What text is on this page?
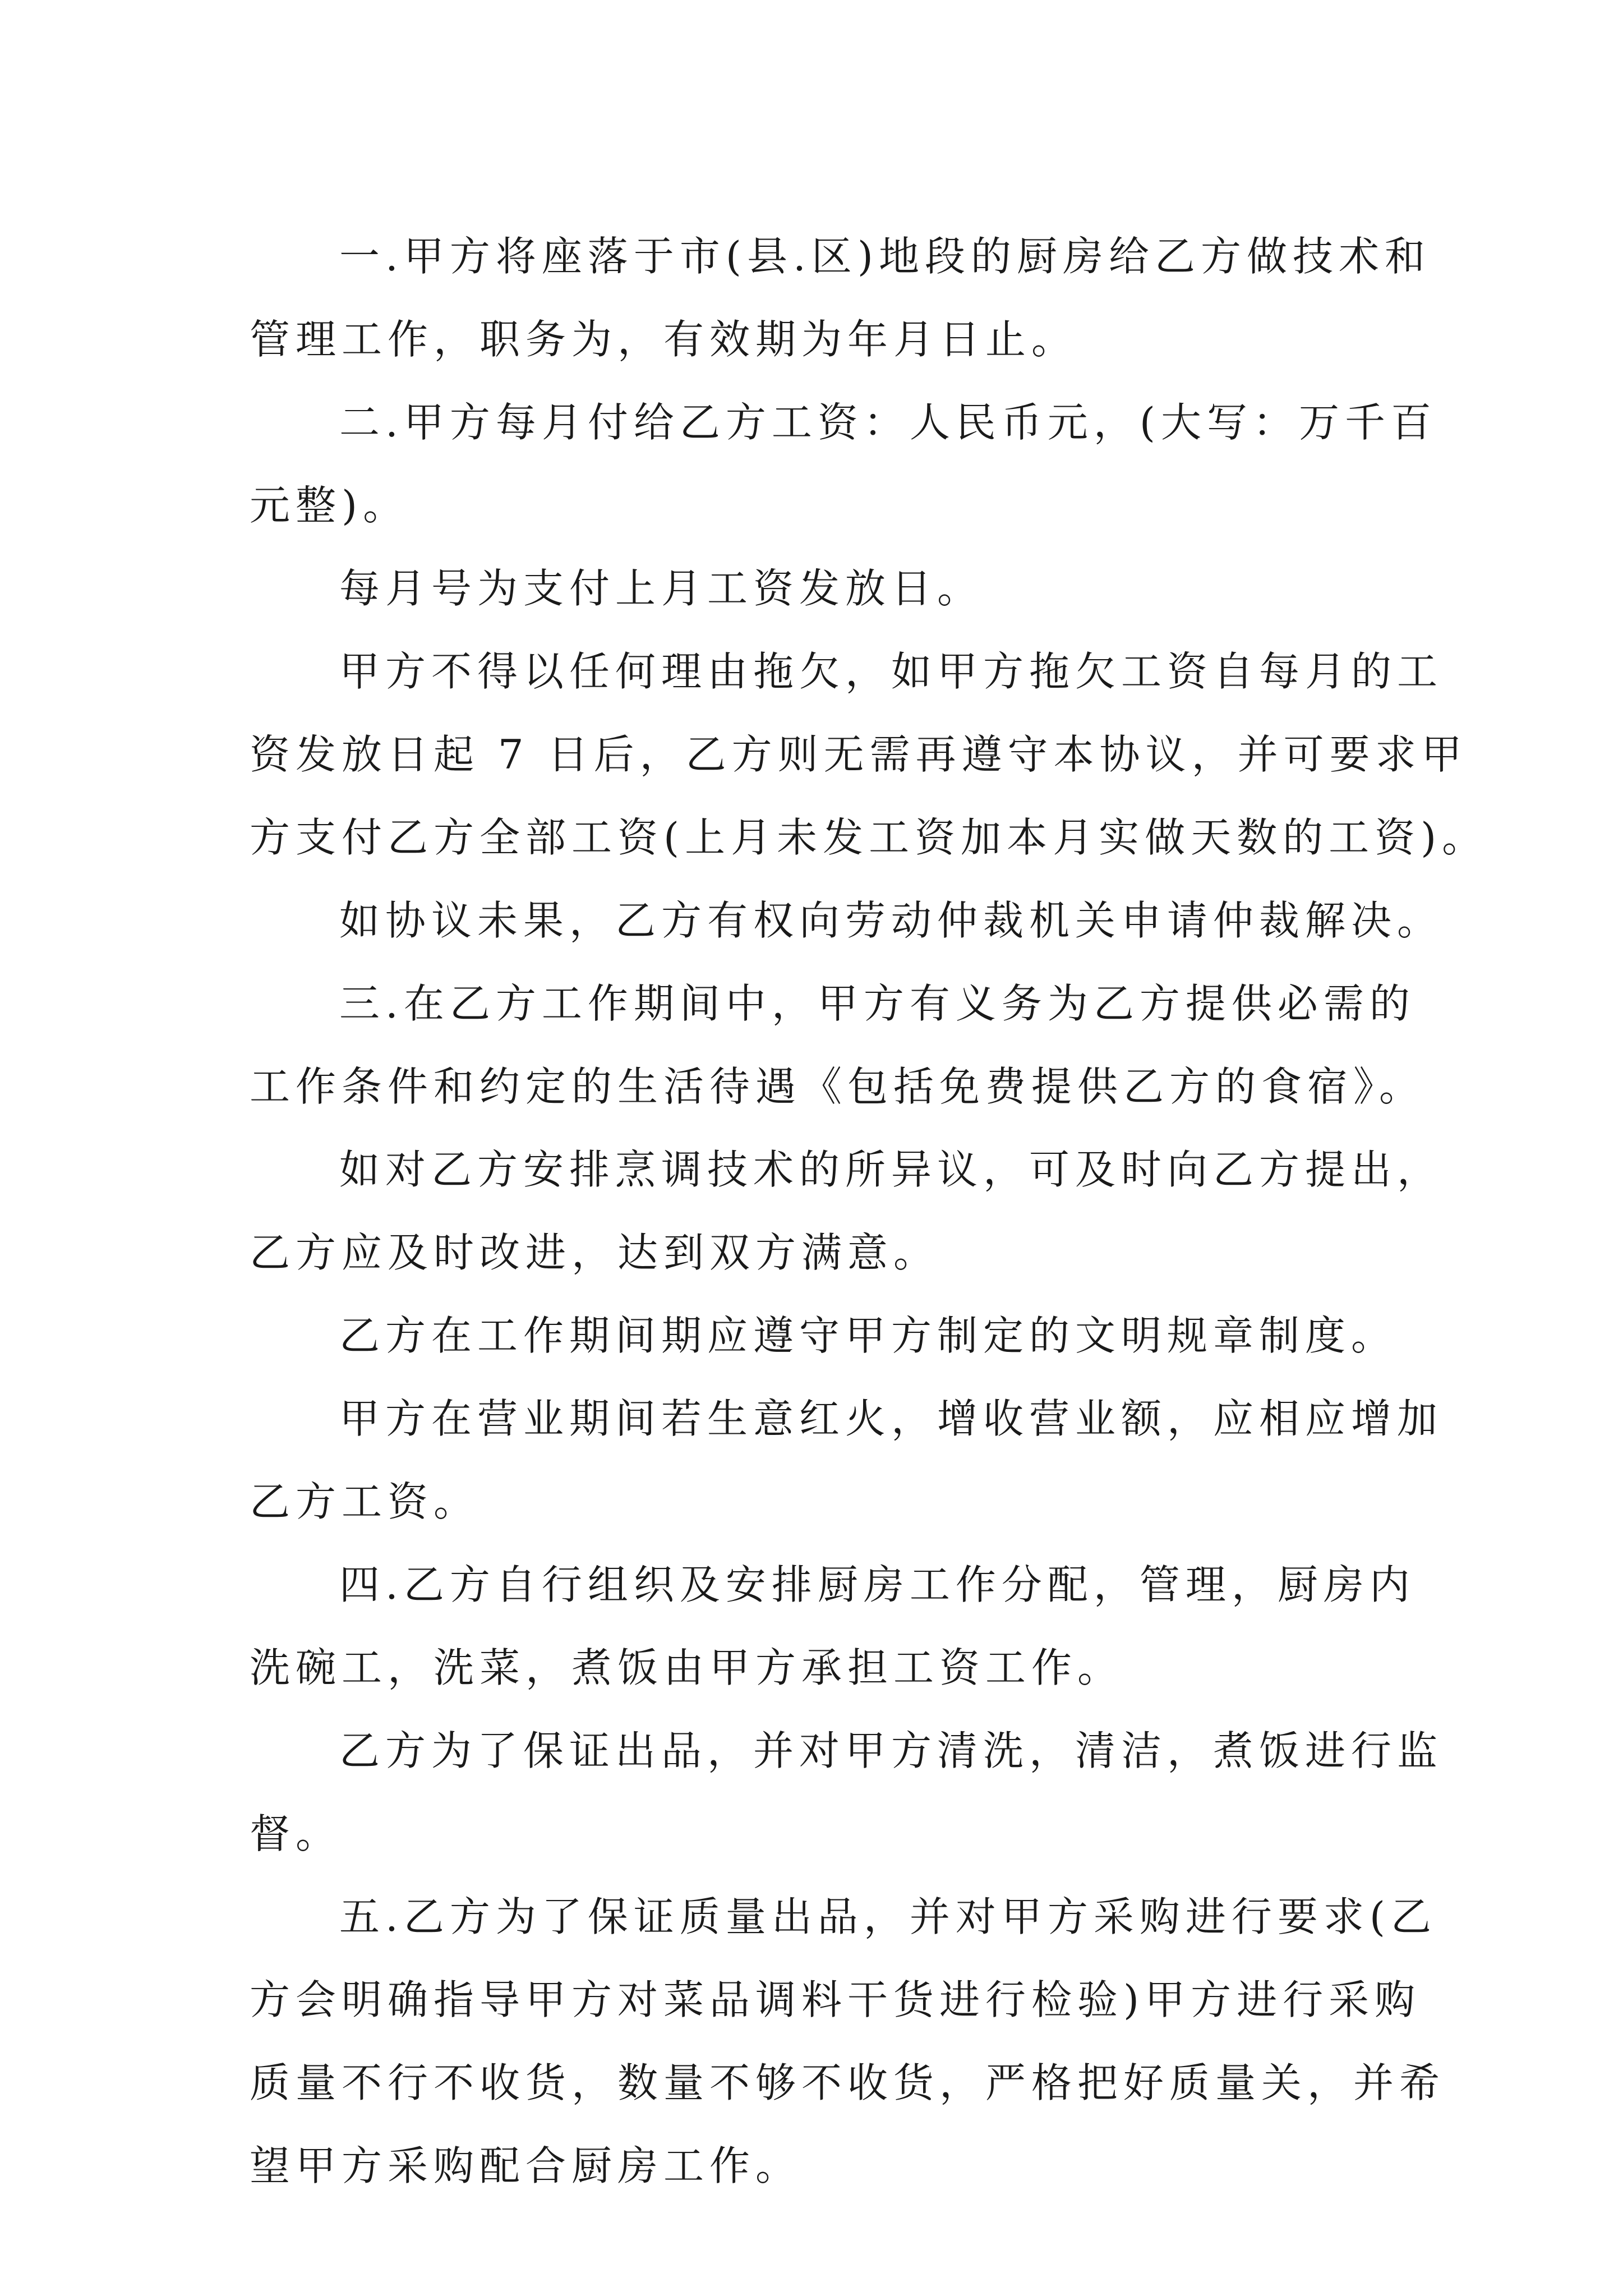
一.甲方将座落于市(县.区)地段的厨房给乙方做技术和
管理工作，职务为，有效期为年月日止。

二.甲方每月付给乙方工资：人民币元，(大写：万千百
元整)。

每月号为支付上月工资发放日。

甲方不得以任何理由拖欠，如甲方拖欠工资自每月的工
资发放日起 7 日后，乙方则无需再遵守本协议，并可要求甲
方支付乙方全部工资(上月未发工资加本月实做天数的工资)。

如协议未果，乙方有权向劳动仲裁机关申请仲裁解决。

三.在乙方工作期间中，甲方有义务为乙方提供必需的
工作条件和约定的生活待遇《包括免费提供乙方的食宿》。

如对乙方安排烹调技术的所异议，可及时向乙方提出，
乙方应及时改进，达到双方满意。

乙方在工作期间期应遵守甲方制定的文明规章制度。

甲方在营业期间若生意红火，增收营业额，应相应增加
乙方工资。

四.乙方自行组织及安排厨房工作分配，管理，厨房内
洗碗工，洗菜，煮饭由甲方承担工资工作。

乙方为了保证出品，并对甲方清洗，清洁，煮饭进行监
督。

五.乙方为了保证质量出品，并对甲方采购进行要求(乙
方会明确指导甲方对菜品调料干货进行检验)甲方进行采购
质量不行不收货，数量不够不收货，严格把好质量关，并希
望甲方采购配合厨房工作。
